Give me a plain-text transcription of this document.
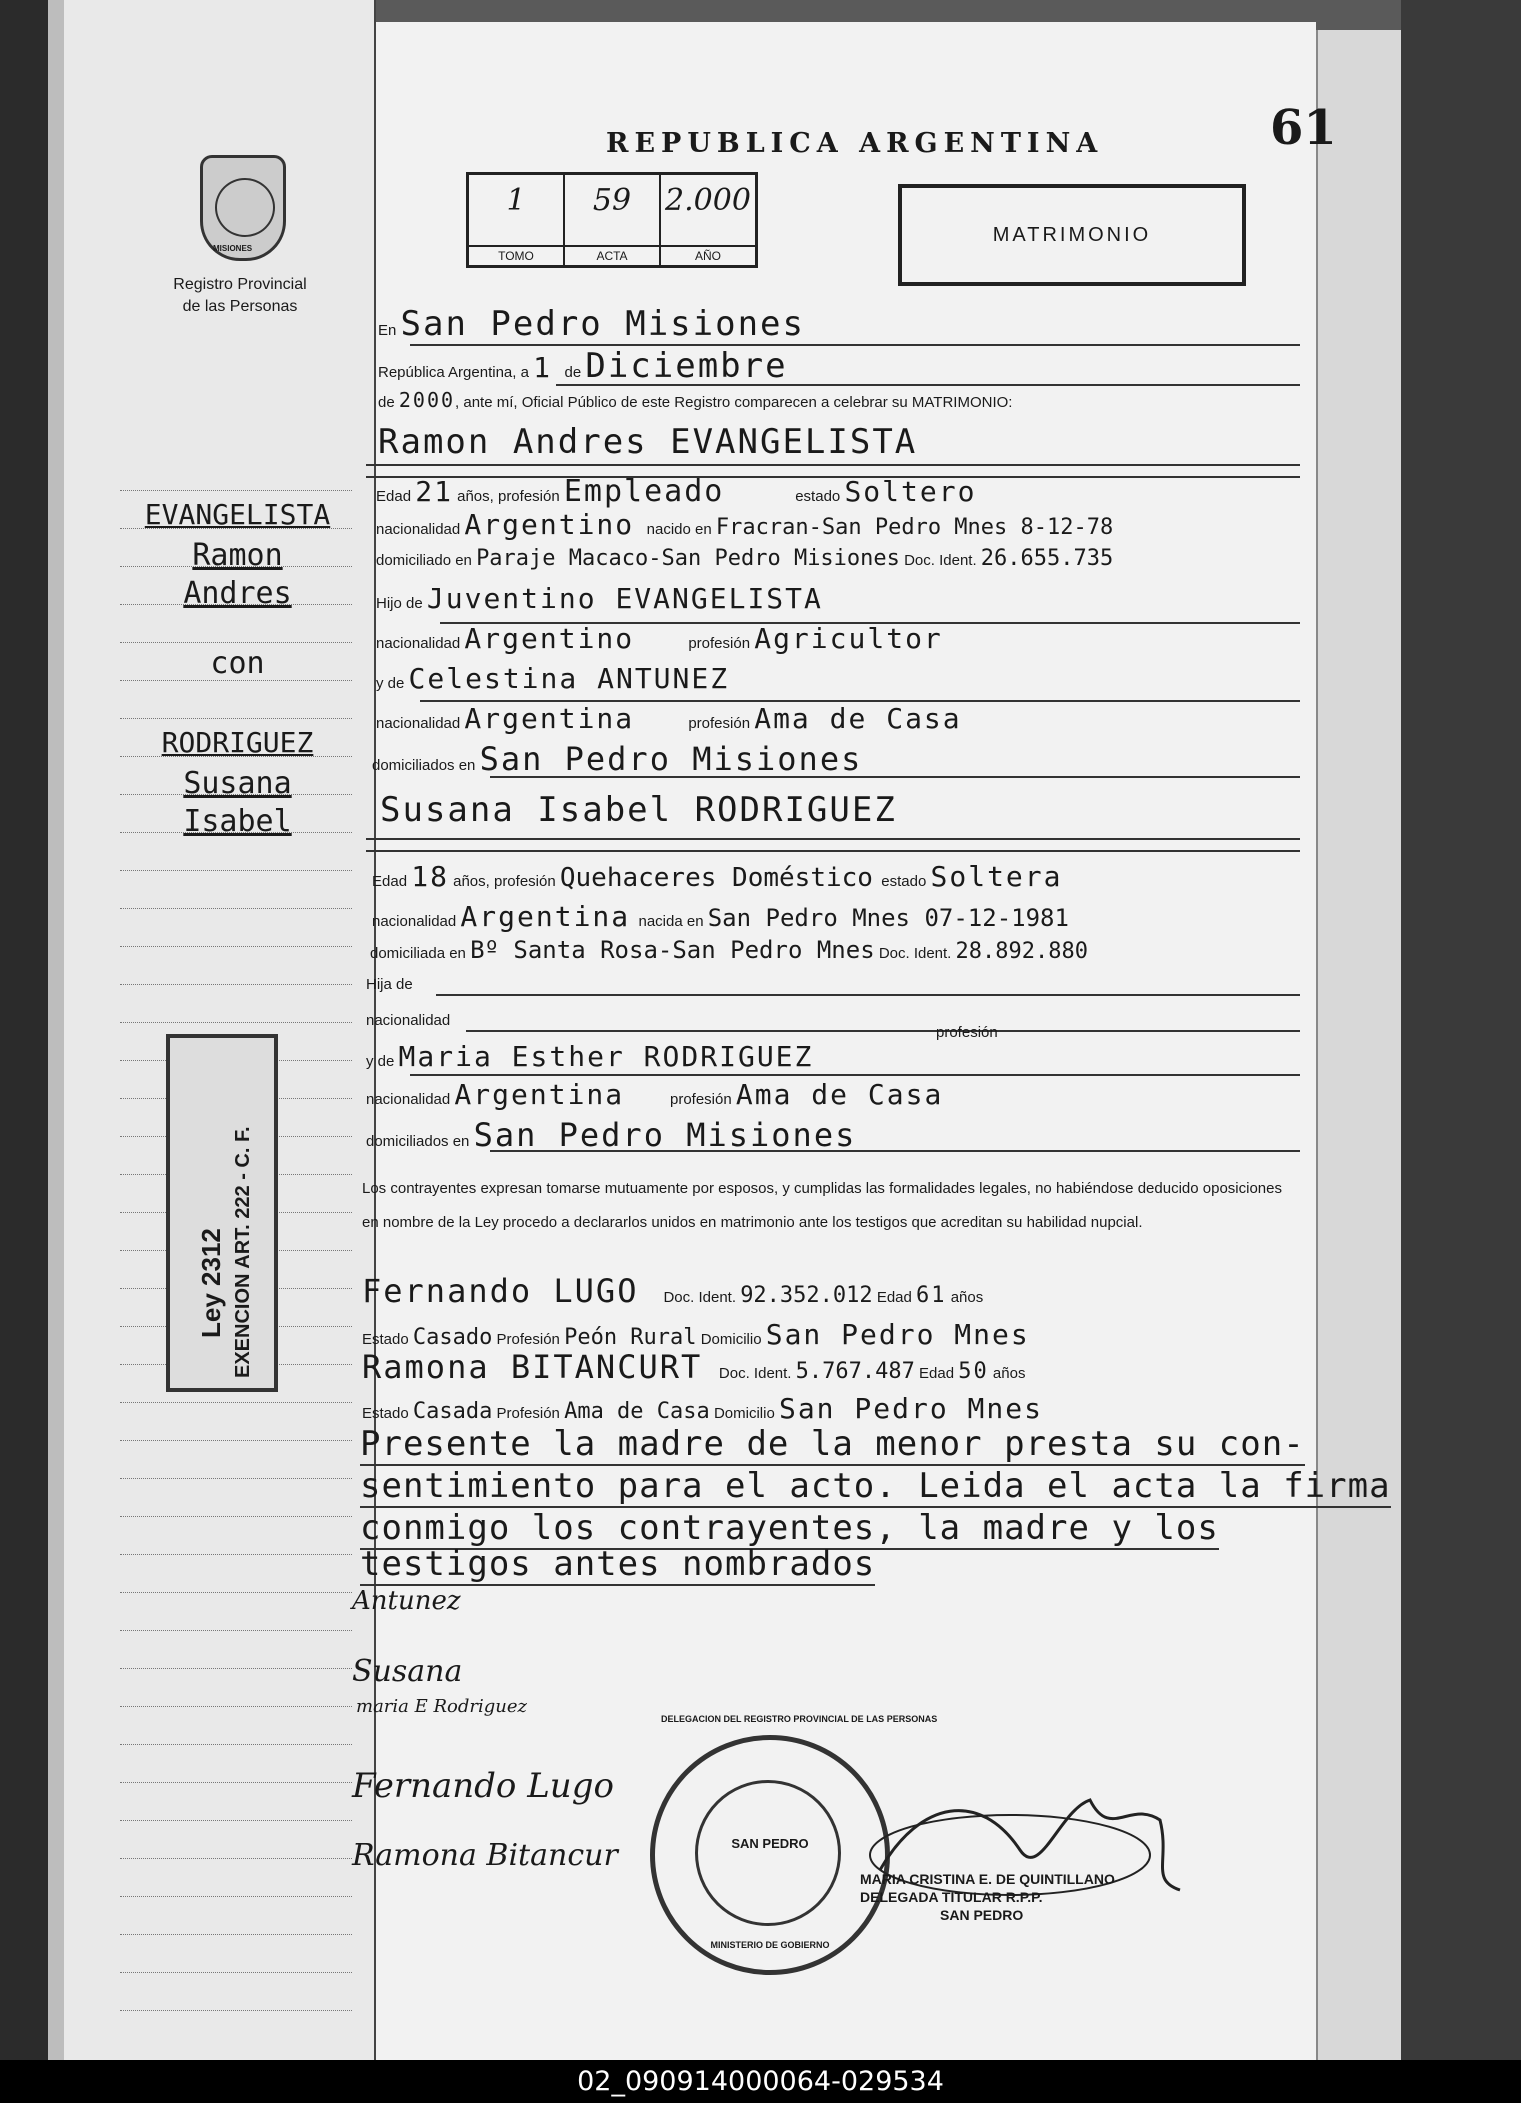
61
REPUBLICA ARGENTINA
MISIONES
Registro Provincial
de las Personas
1
TOMO
59
ACTA
2.000
AÑO
MATRIMONIO
EVANGELISTA
Ramon
Andres
con
RODRIGUEZ
Susana
Isabel
Ley 2312 EXENCION ART. 222 - C. F.
En San Pedro Misiones
República Argentina, a 1 de Diciembre
de 2000, ante mí, Oficial Público de este Registro comparecen a celebrar su MATRIMONIO:
Ramon Andres EVANGELISTA
Edad 21 años, profesión Empleado	estado Soltero
nacionalidad Argentino nacido en Fracran-San Pedro Mnes 8-12-78
domiciliado en Paraje Macaco-San Pedro Misiones Doc. Ident. 26.655.735
Hijo de Juventino EVANGELISTA
nacionalidad Argentino	profesión Agricultor
y de Celestina ANTUNEZ
nacionalidad Argentina	profesión Ama de Casa
domiciliados en San Pedro Misiones
Susana Isabel RODRIGUEZ
Edad 18 años, profesión Quehaceres Doméstico estado Soltera
nacionalidad Argentina nacida en San Pedro Mnes 07-12-1981
domiciliada en Bº Santa Rosa-San Pedro Mnes Doc. Ident. 28.892.880
Hija de
nacionalidad
profesión
y de Maria Esther RODRIGUEZ
nacionalidad Argentina	profesión Ama de Casa
domiciliados en San Pedro Misiones
Los contrayentes expresan tomarse mutuamente por esposos, y cumplidas las formalidades legales, no habiéndose deducido oposiciones en nombre de la Ley procedo a declararlos unidos en matrimonio ante los testigos que acreditan su habilidad nupcial.
Fernando LUGO Doc. Ident. 92.352.012 Edad 61 años
Estado Casado Profesión Peón Rural Domicilio San Pedro Mnes
Ramona BITANCURT Doc. Ident. 5.767.487 Edad 50 años
Estado Casada Profesión Ama de Casa Domicilio San Pedro Mnes
Presente la madre de la menor presta su con-
sentimiento para el acto. Leida el acta la firma
conmigo los contrayentes, la madre y los
testigos antes nombrados
Antunez
Susana
maria E Rodriguez
Fernando Lugo
Ramona Bitancur	SAN PEDRO
DELEGACION DEL REGISTRO PROVINCIAL DE LAS PERSONAS
MINISTERIO DE GOBIERNO
MARIA CRISTINA E. DE QUINTILLANO
DELEGADA TITULAR R.P.P.
SAN PEDRO
02_090914000064-029534
